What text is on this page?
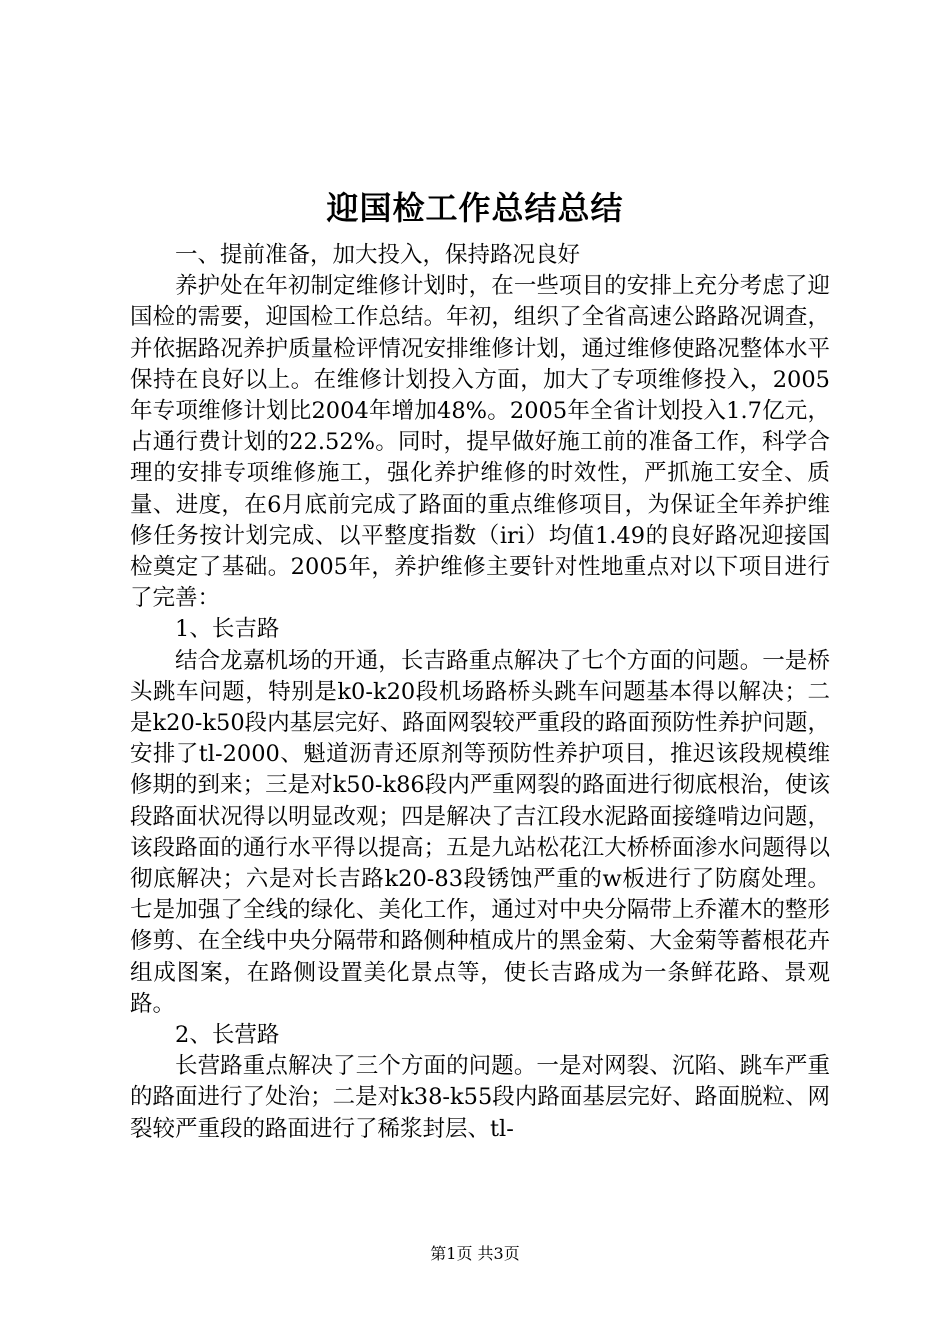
迎国检工作总结总结

一、提前准备，加大投入，保持路况良好

养护处在年初制定维修计划时，在一些项目的安排上充分考虑了迎国检的需要，迎国检工作总结。年初，组织了全省高速公路路况调查，并依据路况养护质量检评情况安排维修计划，通过维修使路况整体水平保持在良好以上。在维修计划投入方面，加大了专项维修投入，2005年专项维修计划比2004年增加48%。2005年全省计划投入1.7亿元，占通行费计划的22.52%。同时，提早做好施工前的准备工作，科学合理的安排专项维修施工，强化养护维修的时效性，严抓施工安全、质量、进度，在6月底前完成了路面的重点维修项目，为保证全年养护维修任务按计划完成、以平整度指数（iri）均值1.49的良好路况迎接国检奠定了基础。2005年，养护维修主要针对性地重点对以下项目进行了完善：

1、长吉路

结合龙嘉机场的开通，长吉路重点解决了七个方面的问题。一是桥头跳车问题，特别是k0-k20段机场路桥头跳车问题基本得以解决；二是k20-k50段内基层完好、路面网裂较严重段的路面预防性养护问题，安排了tl-2000、魁道沥青还原剂等预防性养护项目，推迟该段规模维修期的到来；三是对k50-k86段内严重网裂的路面进行彻底根治，使该段路面状况得以明显改观；四是解决了吉江段水泥路面接缝啃边问题，该段路面的通行水平得以提高；五是九站松花江大桥桥面渗水问题得以彻底解决；六是对长吉路k20-83段锈蚀严重的w板进行了防腐处理。七是加强了全线的绿化、美化工作，通过对中央分隔带上乔灌木的整形修剪、在全线中央分隔带和路侧种植成片的黑金菊、大金菊等蓄根花卉组成图案，在路侧设置美化景点等，使长吉路成为一条鲜花路、景观路。

2、长营路

长营路重点解决了三个方面的问题。一是对网裂、沉陷、跳车严重的路面进行了处治；二是对k38-k55段内路面基层完好、路面脱粒、网裂较严重段的路面进行了稀浆封层、tl-

第1页 共3页
